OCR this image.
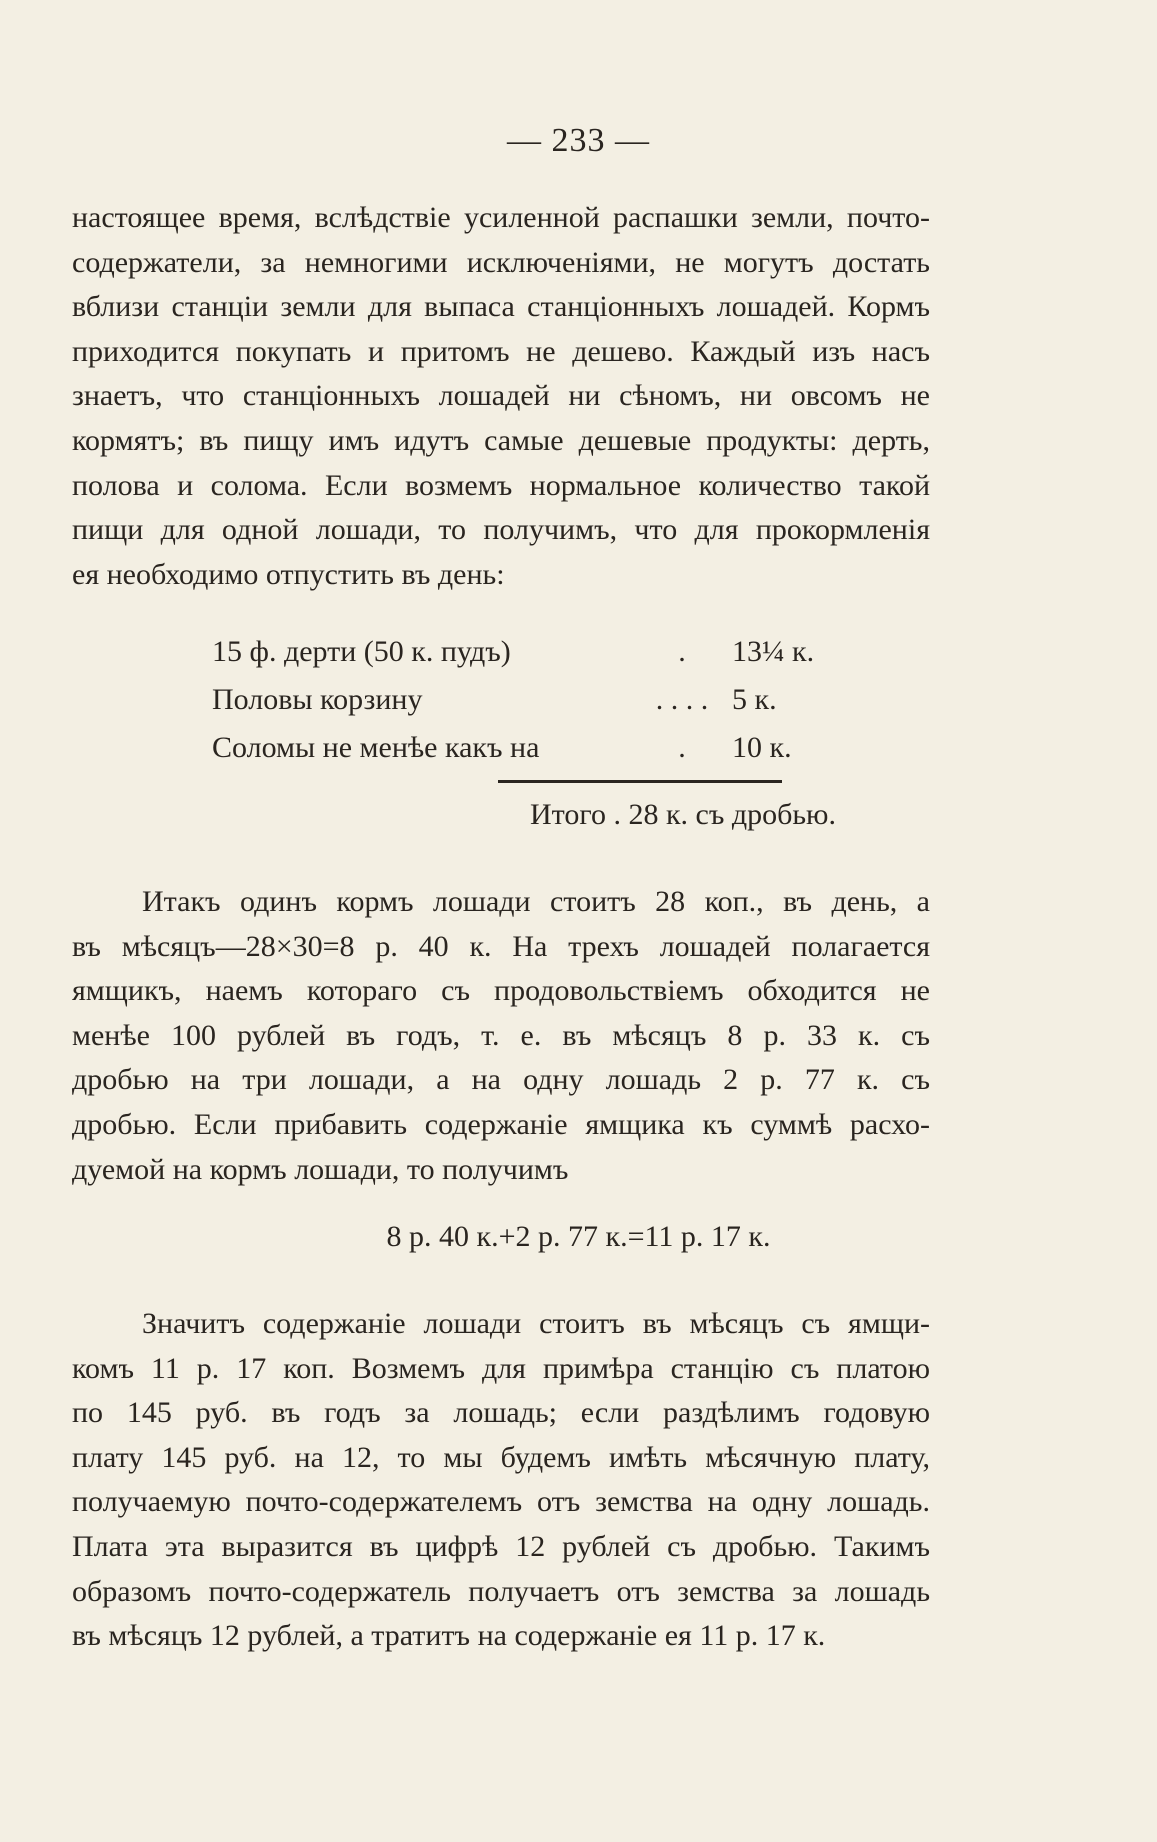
— 233 —
настоящее время, вслѣдствіе усиленной распашки земли, почто-
содержатели, за немногими исключеніями, не могутъ достать
вблизи станціи земли для выпаса станціонныхъ лошадей. Кормъ
приходится покупать и притомъ не дешево. Каждый изъ насъ
знаетъ, что станціонныхъ лошадей ни сѣномъ, ни овсомъ не
кормятъ; въ пищу имъ идутъ самые дешевые продукты: дерть,
полова и солома. Если возмемъ нормальное количество такой
пищи для одной лошади, то получимъ, что для прокормленія
ея необходимо отпустить въ день:
15 ф. дерти (50 к. пудъ)	.	13¼ к.
Половы корзину	. . . . 5 к.
Соломы не менѣе какъ на	.	10 к.
Итого . 28 к. съ дробью.
Итакъ одинъ кормъ лошади стоитъ 28 коп., въ день, а
въ мѣсяцъ—28×30=8 р. 40 к. На трехъ лошадей полагается
ямщикъ, наемъ котораго съ продовольствіемъ обходится не
менѣе 100 рублей въ годъ, т. е. въ мѣсяцъ 8 р. 33 к. съ
дробью на три лошади, а на одну лошадь 2 р. 77 к. съ
дробью. Если прибавить содержаніе ямщика къ суммѣ расхо-
дуемой на кормъ лошади, то получимъ
8 р. 40 к.+2 р. 77 к.=11 р. 17 к.
Значитъ содержаніе лошади стоитъ въ мѣсяцъ съ ямщи-
комъ 11 р. 17 коп. Возмемъ для примѣра станцію съ платою
по 145 руб. въ годъ за лошадь; если раздѣлимъ годовую
плату 145 руб. на 12, то мы будемъ имѣть мѣсячную плату,
получаемую почто-содержателемъ отъ земства на одну лошадь.
Плата эта выразится въ цифрѣ 12 рублей съ дробью. Такимъ
образомъ почто-содержатель получаетъ отъ земства за лошадь
въ мѣсяцъ 12 рублей, а тратитъ на содержаніе ея 11 р. 17 к.
